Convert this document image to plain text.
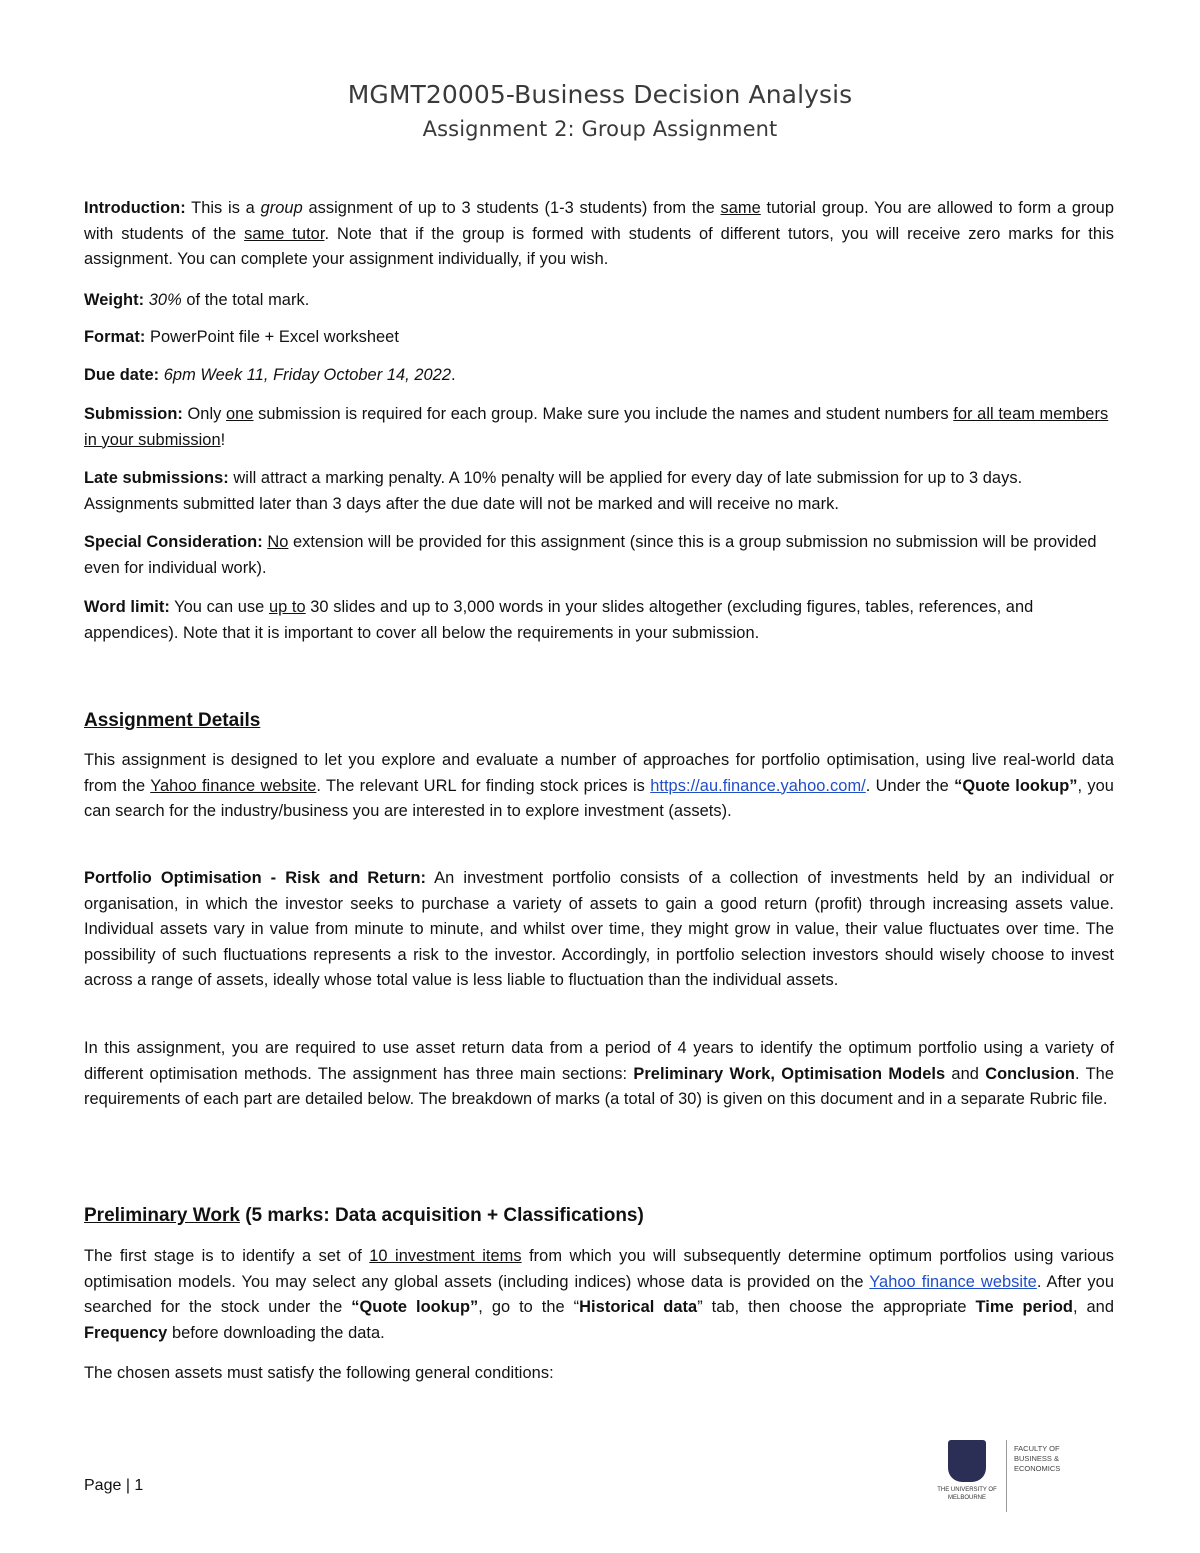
MGMT20005-Business Decision Analysis
Assignment 2: Group Assignment
Introduction: This is a group assignment of up to 3 students (1-3 students) from the same tutorial group. You are allowed to form a group with students of the same tutor. Note that if the group is formed with students of different tutors, you will receive zero marks for this assignment. You can complete your assignment individually, if you wish.
Weight: 30% of the total mark.
Format: PowerPoint file + Excel worksheet
Due date: 6pm Week 11, Friday October 14, 2022.
Submission: Only one submission is required for each group. Make sure you include the names and student numbers for all team members in your submission!
Late submissions: will attract a marking penalty. A 10% penalty will be applied for every day of late submission for up to 3 days. Assignments submitted later than 3 days after the due date will not be marked and will receive no mark.
Special Consideration: No extension will be provided for this assignment (since this is a group submission no submission will be provided even for individual work).
Word limit: You can use up to 30 slides and up to 3,000 words in your slides altogether (excluding figures, tables, references, and appendices). Note that it is important to cover all below the requirements in your submission.
Assignment Details
This assignment is designed to let you explore and evaluate a number of approaches for portfolio optimisation, using live real-world data from the Yahoo finance website. The relevant URL for finding stock prices is https://au.finance.yahoo.com/. Under the “Quote lookup”, you can search for the industry/business you are interested in to explore investment (assets).
Portfolio Optimisation - Risk and Return: An investment portfolio consists of a collection of investments held by an individual or organisation, in which the investor seeks to purchase a variety of assets to gain a good return (profit) through increasing assets value. Individual assets vary in value from minute to minute, and whilst over time, they might grow in value, their value fluctuates over time. The possibility of such fluctuations represents a risk to the investor. Accordingly, in portfolio selection investors should wisely choose to invest across a range of assets, ideally whose total value is less liable to fluctuation than the individual assets.
In this assignment, you are required to use asset return data from a period of 4 years to identify the optimum portfolio using a variety of different optimisation methods. The assignment has three main sections: Preliminary Work, Optimisation Models and Conclusion. The requirements of each part are detailed below. The breakdown of marks (a total of 30) is given on this document and in a separate Rubric file.
Preliminary Work (5 marks: Data acquisition + Classifications)
The first stage is to identify a set of 10 investment items from which you will subsequently determine optimum portfolios using various optimisation models. You may select any global assets (including indices) whose data is provided on the Yahoo finance website. After you searched for the stock under the “Quote lookup”, go to the “Historical data” tab, then choose the appropriate Time period, and Frequency before downloading the data.
The chosen assets must satisfy the following general conditions:
Page | 1	THE UNIVERSITY OF MELBOURNE
FACULTY OF BUSINESS & ECONOMICS
